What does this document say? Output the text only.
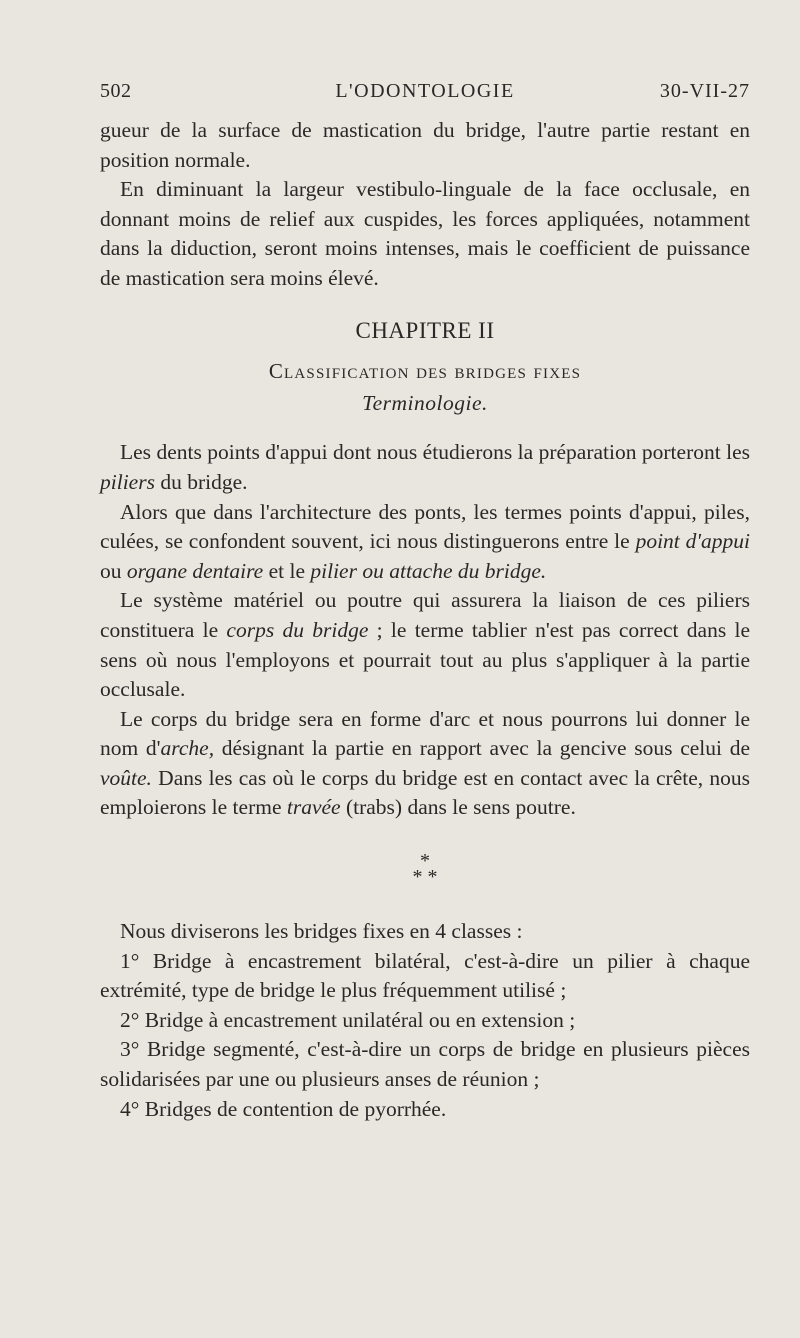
502	L'ODONTOLOGIE	30-VII-27

gueur de la surface de mastication du bridge, l'autre partie restant en position normale.

En diminuant la largeur vestibulo-linguale de la face occlusale, en donnant moins de relief aux cuspides, les forces appliquées, notamment dans la diduction, seront moins intenses, mais le coefficient de puissance de mastication sera moins élevé.

CHAPITRE II
Classification des bridges fixes
Terminologie.

Les dents points d'appui dont nous étudierons la préparation porteront les piliers du bridge.

Alors que dans l'architecture des ponts, les termes points d'appui, piles, culées, se confondent souvent, ici nous distinguerons entre le point d'appui ou organe dentaire et le pilier ou attache du bridge.

Le système matériel ou poutre qui assurera la liaison de ces piliers constituera le corps du bridge ; le terme tablier n'est pas correct dans le sens où nous l'employons et pourrait tout au plus s'appliquer à la partie occlusale.

Le corps du bridge sera en forme d'arc et nous pourrons lui donner le nom d'arche, désignant la partie en rapport avec la gencive sous celui de voûte. Dans les cas où le corps du bridge est en contact avec la crête, nous emploierons le terme travée (trabs) dans le sens poutre.

*
* *

Nous diviserons les bridges fixes en 4 classes :

1° Bridge à encastrement bilatéral, c'est-à-dire un pilier à chaque extrémité, type de bridge le plus fréquemment utilisé ;

2° Bridge à encastrement unilatéral ou en extension ;

3° Bridge segmenté, c'est-à-dire un corps de bridge en plusieurs pièces solidarisées par une ou plusieurs anses de réunion ;

4° Bridges de contention de pyorrhée.
